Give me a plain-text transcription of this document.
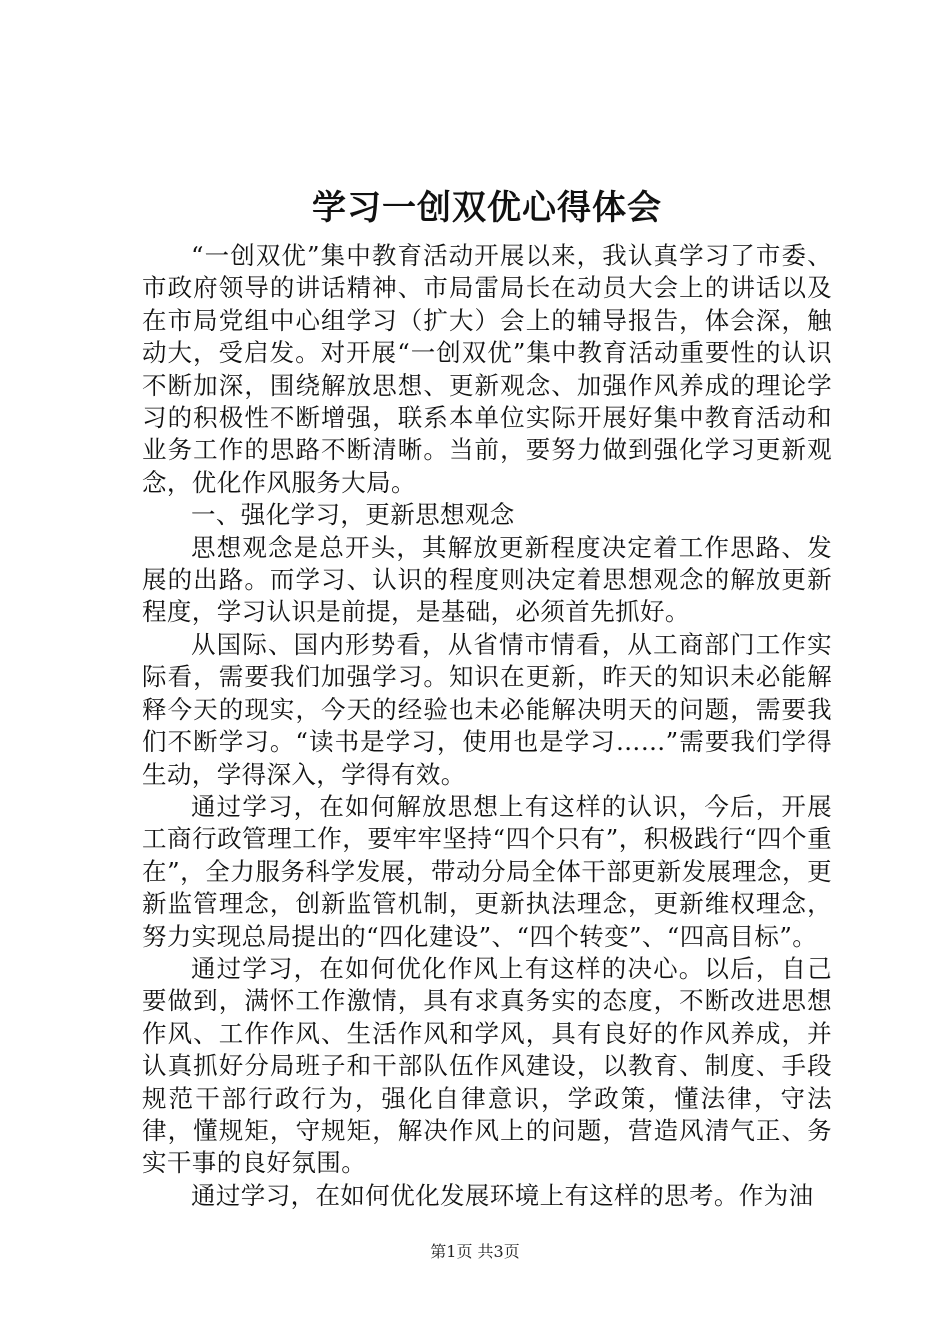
学习一创双优心得体会

“一创双优”集中教育活动开展以来，我认真学习了市委、市政府领导的讲话精神、市局雷局长在动员大会上的讲话以及在市局党组中心组学习（扩大）会上的辅导报告，体会深，触动大，受启发。对开展“一创双优”集中教育活动重要性的认识不断加深，围绕解放思想、更新观念、加强作风养成的理论学习的积极性不断增强，联系本单位实际开展好集中教育活动和业务工作的思路不断清晰。当前，要努力做到强化学习更新观念，优化作风服务大局。

一、强化学习，更新思想观念

思想观念是总开头，其解放更新程度决定着工作思路、发展的出路。而学习、认识的程度则决定着思想观念的解放更新程度，学习认识是前提，是基础，必须首先抓好。

从国际、国内形势看，从省情市情看，从工商部门工作实际看，需要我们加强学习。知识在更新，昨天的知识未必能解释今天的现实，今天的经验也未必能解决明天的问题，需要我们不断学习。“读书是学习，使用也是学习……”需要我们学得生动，学得深入，学得有效。

通过学习，在如何解放思想上有这样的认识，今后，开展工商行政管理工作，要牢牢坚持“四个只有”，积极践行“四个重在”，全力服务科学发展，带动分局全体干部更新发展理念，更新监管理念，创新监管机制，更新执法理念，更新维权理念，努力实现总局提出的“四化建设”、“四个转变”、“四高目标”。

通过学习，在如何优化作风上有这样的决心。以后，自己要做到，满怀工作激情，具有求真务实的态度，不断改进思想作风、工作作风、生活作风和学风，具有良好的作风养成，并认真抓好分局班子和干部队伍作风建设，以教育、制度、手段规范干部行政行为，强化自律意识，学政策，懂法律，守法律，懂规矩，守规矩，解决作风上的问题，营造风清气正、务实干事的良好氛围。

通过学习，在如何优化发展环境上有这样的思考。作为油

第1页 共3页
